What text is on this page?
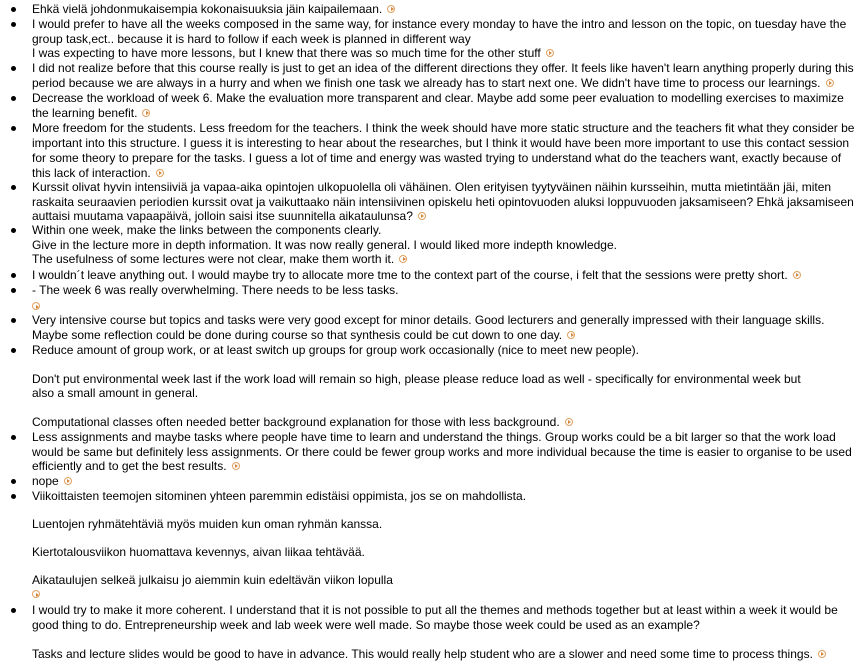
Ehkä vielä johdonmukaisempia kokonaisuuksia jäin kaipailemaan.
I would prefer to have all the weeks composed in the same way, for instance every monday to have the intro and lesson on the topic, on tuesday have the
group task,ect.. because it is hard to follow if each week is planned in different way
I was expecting to have more lessons, but I knew that there was so much time for the other stuff
I did not realize before that this course really is just to get an idea of the different directions they offer. It feels like haven't learn anything properly during this
period because we are always in a hurry and when we finish one task we already has to start next one. We didn't have time to process our learnings.
Decrease the workload of week 6. Make the evaluation more transparent and clear. Maybe add some peer evaluation to modelling exercises to maximize
the learning benefit.
More freedom for the students. Less freedom for the teachers. I think the week should have more static structure and the teachers fit what they consider be
important into this structure. I guess it is interesting to hear about the researches, but I think it would have been more important to use this contact session
for some theory to prepare for the tasks. I guess a lot of time and energy was wasted trying to understand what do the teachers want, exactly because of
this lack of interaction.
Kurssit olivat hyvin intensiiviä ja vapaa-aika opintojen ulkopuolella oli vähäinen. Olen erityisen tyytyväinen näihin kursseihin, mutta mietintään jäi, miten
raskaita seuraavien periodien kurssit ovat ja vaikuttaako näin intensiivinen opiskelu heti opintovuoden aluksi loppuvuoden jaksamiseen? Ehkä jaksamiseen
auttaisi muutama vapaapäivä, jolloin saisi itse suunnitella aikataulunsa?
Within one week, make the links between the components clearly.
Give in the lecture more in depth information. It was now really general. I would liked more indepth knowledge.
The usefulness of some lectures were not clear, make them worth it.
I wouldn´t leave anything out. I would maybe try to allocate more tme to the context part of the course, i felt that the sessions were pretty short.
- The week 6 was really overwhelming. There needs to be less tasks.
Very intensive course but topics and tasks were very good except for minor details. Good lecturers and generally impressed with their language skills.
Maybe some reflection could be done during course so that synthesis could be cut down to one day.
Reduce amount of group work, or at least switch up groups for group work occasionally (nice to meet new people).
Don't put environmental week last if the work load will remain so high, please please reduce load as well - specifically for environmental week but
also a small amount in general.
Computational classes often needed better background explanation for those with less background.
Less assignments and maybe tasks where people have time to learn and understand the things. Group works could be a bit larger so that the work load
would be same but definitely less assignments. Or there could be fewer group works and more individual because the time is easier to organise to be used
efficiently and to get the best results.
nope
Viikoittaisten teemojen sitominen yhteen paremmin edistäisi oppimista, jos se on mahdollista.
Luentojen ryhmätehtäviä myös muiden kun oman ryhmän kanssa.
Kiertotalousviikon huomattava kevennys, aivan liikaa tehtävää.
Aikataulujen selkeä julkaisu jo aiemmin kuin edeltävän viikon lopulla
I would try to make it more coherent. I understand that it is not possible to put all the themes and methods together but at least within a week it would be
good thing to do. Entrepreneurship week and lab week were well made. So maybe those week could be used as an example?
Tasks and lecture slides would be good to have in advance. This would really help student who are a slower and need some time to process things.
